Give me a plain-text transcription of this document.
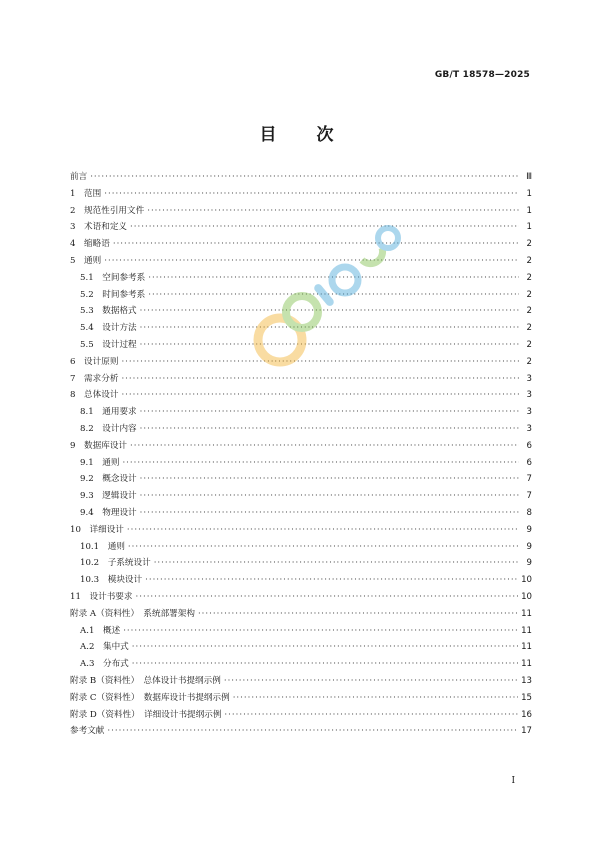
GB/T 18578—2025
目　　次
前言 ·····	Ⅲ
1　范围 ·····	1
2　规范性引用文件 ·····	1
3　术语和定义 ·····	1
4　缩略语 ·····	2
5　通则 ·····	2
5.1　空间参考系 ·····	2
5.2　时间参考系 ·····	2
5.3　数据格式 ·····	2
5.4　设计方法 ·····	2
5.5　设计过程 ·····	2
6　设计原则 ·····	2
7　需求分析 ·····	3
8　总体设计 ·····	3
8.1　通用要求 ·····	3
8.2　设计内容 ·····	3
9　数据库设计 ·····	6
9.1　通则 ·····	6
9.2　概念设计 ·····	7
9.3　逻辑设计 ·····	7
9.4　物理设计 ·····	8
10　详细设计 ·····	9
10.1　通则 ·····	9
10.2　子系统设计 ·····	9
10.3　模块设计 ·····	10
11　设计书要求 ·····	10
附录 A（资料性）　系统部署架构 ·····	11
A.1　概述 ·····	11
A.2　集中式 ·····	11
A.3　分布式 ·····	11
附录 B（资料性）　总体设计书提纲示例 ·····	13
附录 C（资料性）　数据库设计书提纲示例 ·····	15
附录 D（资料性）　详细设计书提纲示例 ·····	16
参考文献 ·····	17
I
